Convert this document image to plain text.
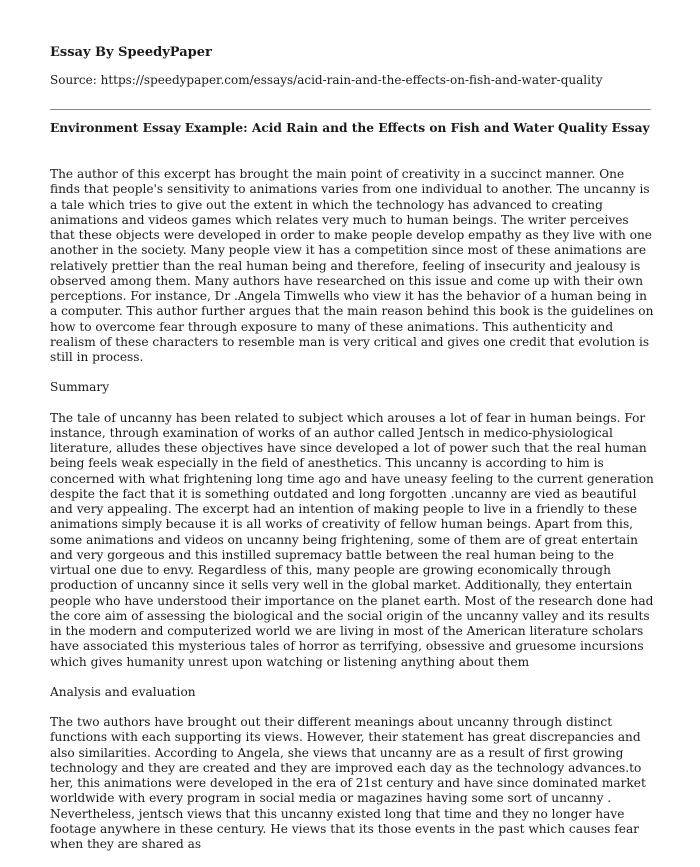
Essay By SpeedyPaper

Source: https://speedypaper.com/essays/acid-rain-and-the-effects-on-fish-and-water-quality

Environment Essay Example: Acid Rain and the Effects on Fish and Water Quality Essay

The author of this excerpt has brought the main point of creativity in a succinct manner. One finds that people's sensitivity to animations varies from one individual to another. The uncanny is a tale which tries to give out the extent in which the technology has advanced to creating animations and videos games which relates very much to human beings. The writer perceives that these objects were developed in order to make people develop empathy as they live with one another in the society. Many people view it has a competition since most of these animations are relatively prettier than the real human being and therefore, feeling of insecurity and jealousy is observed among them. Many authors have researched on this issue and come up with their own perceptions. For instance, Dr .Angela Timwells who view it has the behavior of a human being in a computer. This author further argues that the main reason behind this book is the guidelines on how to overcome fear through exposure to many of these animations. This authenticity and realism of these characters to resemble man is very critical and gives one credit that evolution is still in process.

Summary

The tale of uncanny has been related to subject which arouses a lot of fear in human beings. For instance, through examination of works of an author called Jentsch in medico-physiological literature, alludes these objectives have since developed a lot of power such that the real human being feels weak especially in the field of anesthetics. This uncanny is according to him is concerned with what frightening long time ago and have uneasy feeling to the current generation despite the fact that it is something outdated and long forgotten .uncanny are vied as beautiful and very appealing. The excerpt had an intention of making people to live in a friendly to these animations simply because it is all works of creativity of fellow human beings. Apart from this, some animations and videos on uncanny being frightening, some of them are of great entertain and very gorgeous and this instilled supremacy battle between the real human being to the virtual one due to envy. Regardless of this, many people are growing economically through production of uncanny since it sells very well in the global market. Additionally, they entertain people who have understood their importance on the planet earth. Most of the research done had the core aim of assessing the biological and the social origin of the uncanny valley and its results in the modern and computerized world we are living in most of the American literature scholars have associated this mysterious tales of horror as terrifying, obsessive and gruesome incursions which gives humanity unrest upon watching or listening anything about them

Analysis and evaluation

The two authors have brought out their different meanings about uncanny through distinct functions with each supporting its views. However, their statement has great discrepancies and also similarities. According to Angela, she views that uncanny are as a result of first growing technology and they are created and they are improved each day as the technology advances.to her, this animations were developed in the era of 21st century and have since dominated market worldwide with every program in social media or magazines having some sort of uncanny . Nevertheless, jentsch views that this uncanny existed long that time and they no longer have footage anywhere in these century. He views that its those events in the past which causes fear when they are shared as
